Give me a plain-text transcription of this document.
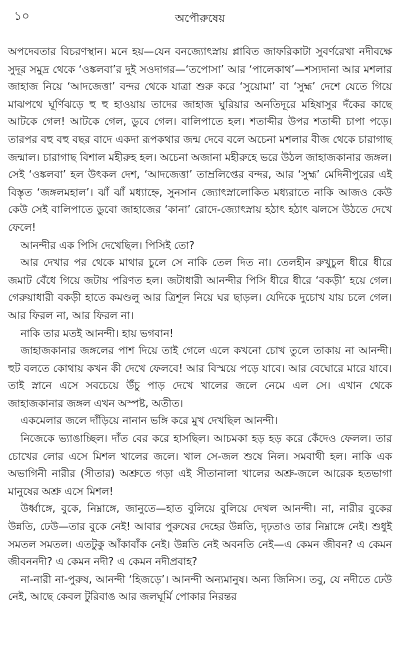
১০	অপৌরুষেয়

অপদেবতার বিচরণস্থান। মনে হয়—যেন বনজ্যোৎস্নায় প্লাবিত জাফরিকাটা সুবর্ণরেখা নদীবক্ষে সুদূর সমুদ্র থেকে ‘ওঙ্কলবা’র দুই সওদাগর—‘তপোসা’ আর ‘পালেকাথ’—শস্যদানা আর মশলার জাহাজ নিয়ে ‘আদজেত্তা’ বন্দর থেকে যাত্রা শুরু করে ‘সুয়োমা’ বা ‘সুহ্ম’ দেশে যেতে গিয়ে মাঝপথে ঘূর্ণিঝড়ে হু হু হাওয়ায় তাদের জাহাজ ঘুরিয়ার অনতিদূরে মহিষাসুর দঁকের কাছে আটকে গেল! আটকে গেল, ডুবে গেল। বালিপাতে হল। শতাব্দীর উপর শতাব্দী চাপা পড়ে। তারপর বহু বহু বছর বাদে একদা রূপকথার জন্ম দেবে বলে অচেনা মশলার বীজ থেকে চারাগাছ জন্মাল। চারাগাছ বিশাল মহীরুহ হল। অচেনা অজানা মহীরুহে ভরে উঠল জাহাজকানার জঙ্গল। সেই ‘ওঙ্কলবা’ হল উৎকল দেশ, ‘আদজেত্তা’ তাম্রলিপ্তের বন্দর, আর ‘সুহ্ম’ মেদিনীপুরের এই বিস্তৃত ‘জঙ্গলমহাল’। ঝাঁ ঝাঁ মধ্যাহ্নে, সুনসান জ্যোৎস্নালোকিত মধ্যরাতে নাকি আজও কেউ কেউ সেই বালিপাতে ডুবো জাহাজের ‘কানা’ রোদে-জ্যোৎস্নায় হঠাৎ হঠাৎ ঝলসে উঠতে দেখে ফেলে!

আনন্দীর এক পিসি দেখেছিল। পিসিই তো?

আর দেখার পর থেকে মাথার চুলে সে নাকি তেল দিত না। তেলহীন রুখুচুল ধীরে ধীরে জমাট বেঁধে গিয়ে জটায় পরিণত হল। জটাধারী আনন্দীর পিসি ধীরে ধীরে ‘বকড়ী’ হয়ে গেল। গেরুয়াধারী বকড়ী হাতে কমণ্ডলু আর ত্রিশূল নিয়ে ঘর ছাড়ল। যেদিকে দুচোখ যায় চলে গেল। আর ফিরল না, আর ফিরল না।

নাকি তার মতই আনন্দী। হায় ভগবান!

জাহাজকানার জঙ্গলের পাশ দিয়ে তাই গেলে এলে কখনো চোখ তুলে তাকায় না আনন্দী। হুট বলতে কোথায় কখন কী দেখে ফেলবে! আর বিস্ময়ে পড়ে যাবে। আর বেঘোরে মারে যাবে। তাই স্নানে এসে সবচেয়ে উঁচু পাড় দেখে খালের জলে নেমে এল সে। এখান থেকে জাহাজকানার জঙ্গল এখন অস্পষ্ট, অতীত।

একমেলার জলে দাঁড়িয়ে নানান ভঙ্গি করে মুখ দেখছিল আনন্দী।

নিজেকে ভ্যাঙাচ্ছিল। দাঁত বের করে হাসছিল। আচমকা হড় হড় করে কেঁদেও ফেলল। তার চোখের লোর এসে মিশল খালের জলে। খাল সে-জল শুষে নিল। সমবাথী হল। নাকি এক অভাগিনী নারীর (সীতার) অশ্রুতে গড়া এই সীতানালা খালের অশ্রু-জলে আরেক হতভাগা মানুষের অশ্রু এসে মিশল!

উর্ধ্বাঙ্গে, বুকে, নিম্নাঙ্গে, জানুতে—হাত বুলিয়ে বুলিয়ে দেখল আনন্দী। না, নারীর বুকের উন্নতি, ঢেউ—তার বুকে নেই! আবার পুরুষের দেহের উন্নতি, দৃঢ়তাও তার নিম্নাঙ্গে নেই। শুধুই সমতল সমতল। এতটুকু আঁকাবাঁক নেই। উন্নতি নেই অবনতি নেই—এ কেমন জীবন? এ কেমন জীবননদী? এ কেমন নদী? এ কেমন নদীপ্রবাহ?

না-নারী না-পুরুষ, আনন্দী ‘হিজড়ে’। আনন্দী অন্যমানুষ। অন্য জিনিস। তবু, যে নদীতে ঢেউ নেই, আছে কেবল টুরিবাঙ আর জলঘূর্মি পোকার নিরন্তর
